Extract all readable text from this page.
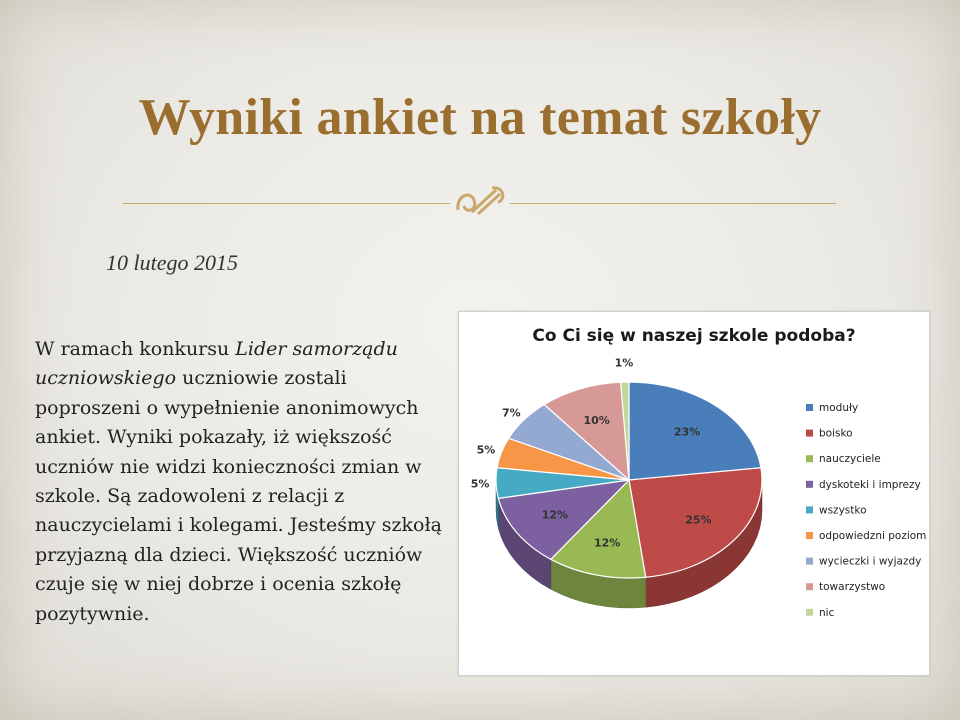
Wyniki ankiet na temat szkoły
10 lutego 2015
W ramach konkursu Lider samorządu uczniowskiego uczniowie zostali poproszeni o wypełnienie anonimowych ankiet. Wyniki pokazały, iż większość uczniów nie widzi konieczności zmian w szkole. Są zadowoleni z relacji z nauczycielami i kolegami. Jesteśmy szkołą przyjazną dla dzieci. Większość uczniów czuje się w niej dobrze i ocenia szkołę pozytywnie.
Co Ci się w naszej szkole podoba?
23%
25%
12%
12%
5%
5%
7%
10%
1%
moduły
boisko
nauczyciele
dyskoteki i imprezy
wszystko
odpowiedzni poziom
wycieczki i wyjazdy
towarzystwo
nic
